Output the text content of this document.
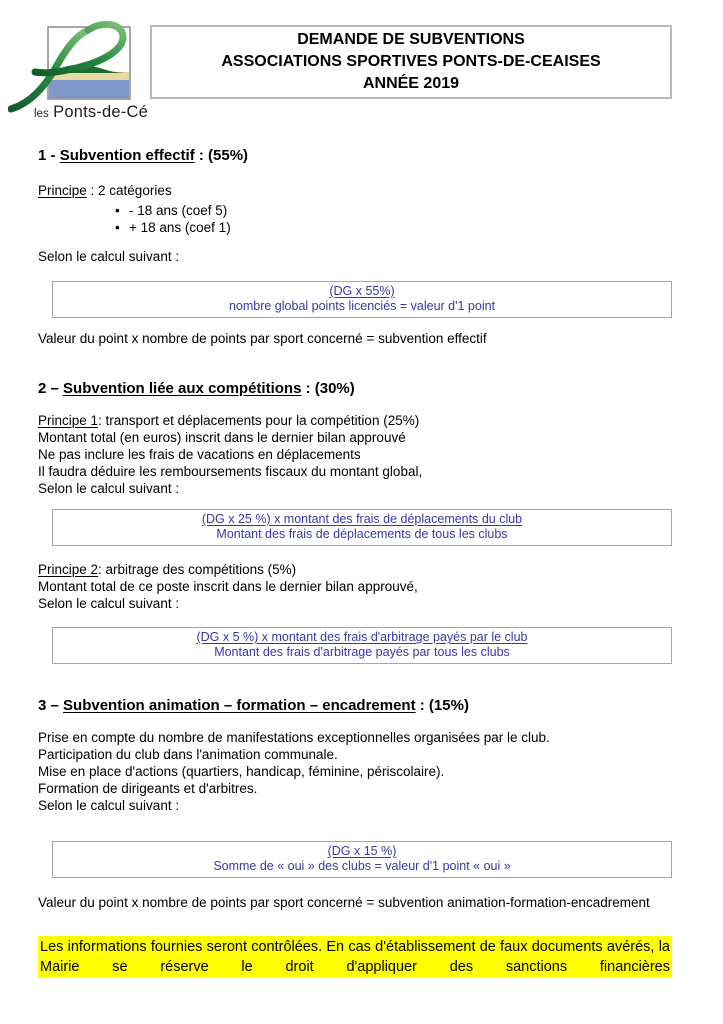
les Ponts-de-Cé
DEMANDE DE SUBVENTIONS
ASSOCIATIONS SPORTIVES PONTS-DE-CEAISES
ANNÉE 2019
1 - Subvention effectif : (55%)

Principe : 2 catégories

• - 18 ans (coef 5)
• + 18 ans (coef 1)

Selon le calcul suivant :

(DG x 55%)
nombre global points licenciés = valeur d'1 point

Valeur du point x nombre de points par sport concerné = subvention effectif

2 – Subvention liée aux compétitions : (30%)

Principe 1: transport et déplacements pour la compétition (25%)

Montant total (en euros) inscrit dans le dernier bilan approuvé

Ne pas inclure les frais de vacations en déplacements

Il faudra déduire les remboursements fiscaux du montant global,

Selon le calcul suivant :

(DG x 25 %) x montant des frais de déplacements du club
Montant des frais de déplacements de tous les clubs

Principe 2: arbitrage des compétitions (5%)

Montant total de ce poste inscrit dans le dernier bilan approuvé,

Selon le calcul suivant :

(DG x 5 %) x montant des frais d'arbitrage payés par le club
Montant des frais d'arbitrage payés par tous les clubs
3 – Subvention animation – formation – encadrement : (15%)

Prise en compte du nombre de manifestations exceptionnelles organisées par le club.

Participation du club dans l'animation communale.

Mise en place d'actions (quartiers, handicap, féminine, périscolaire).

Formation de dirigeants et d'arbitres.

Selon le calcul suivant :

(DG x 15 %)
Somme de « oui » des clubs = valeur d'1 point « oui »

Valeur du point x nombre de points par sport concerné = subvention animation-formation-encadrement

Les informations fournies seront contrôlées. En cas d'établissement de faux documents avérés, la Mairie se réserve le droit d'appliquer des sanctions financières
